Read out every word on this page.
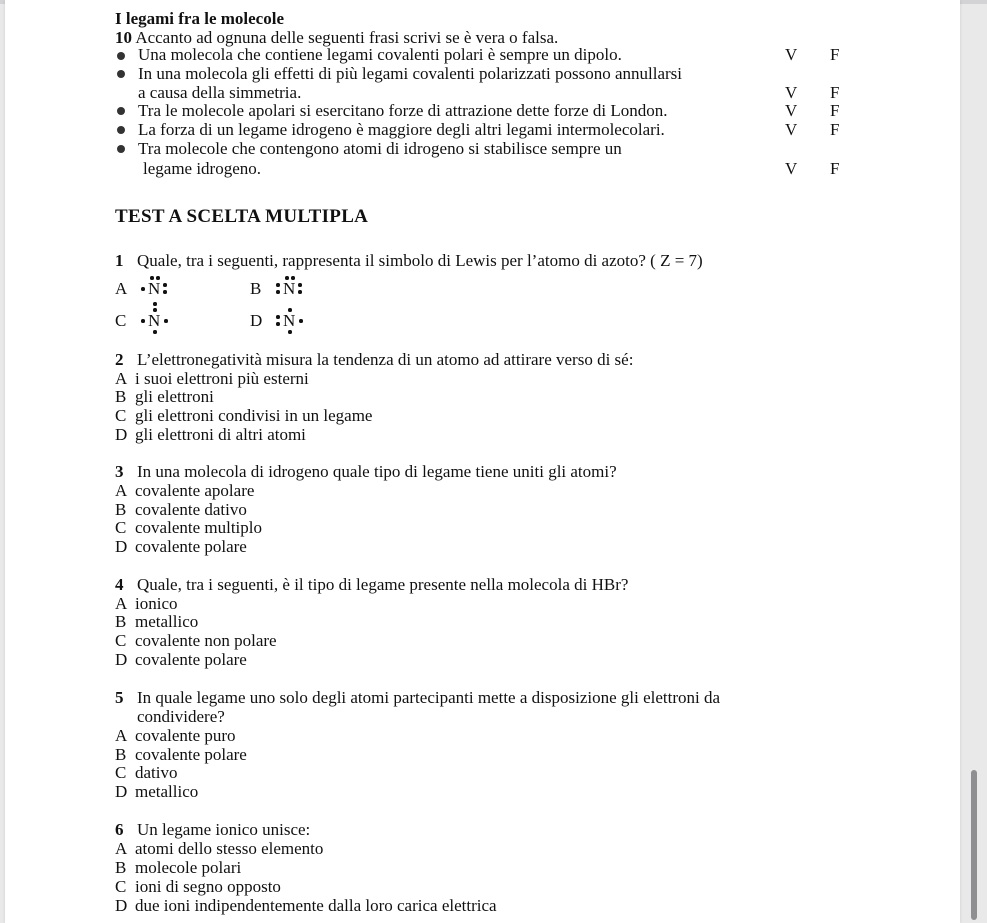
I legami fra le molecole
10 Accanto ad ognuna delle seguenti frasi scrivi se è vera o falsa.
Una molecola che contiene legami covalenti polari è sempre un dipolo.	V F
In una molecola gli effetti di più legami covalenti polarizzati possono annullarsi
a causa della simmetria.	V F
Tra le molecole apolari si esercitano forze di attrazione dette forze di London.	V F
La forza di un legame idrogeno è maggiore degli altri legami intermolecolari.	V F
Tra molecole che contengono atomi di idrogeno si stabilisce sempre un
legame idrogeno.	V F
TEST A SCELTA MULTIPLA
1 Quale, tra i seguenti, rappresenta il simbolo di Lewis per l’atomo di azoto? ( Z = 7)
A N	B N
C N	D N
2 L’elettronegatività misura la tendenza di un atomo ad attirare verso di sé:
A i suoi elettroni più esterni
B gli elettroni
C gli elettroni condivisi in un legame
D gli elettroni di altri atomi
3 In una molecola di idrogeno quale tipo di legame tiene uniti gli atomi?
A covalente apolare
B covalente dativo
C covalente multiplo
D covalente polare
4 Quale, tra i seguenti, è il tipo di legame presente nella molecola di HBr?
A ionico
B metallico
C covalente non polare
D covalente polare
5 In quale legame uno solo degli atomi partecipanti mette a disposizione gli elettroni da
condividere?
A covalente puro
B covalente polare
C dativo
D metallico
6 Un legame ionico unisce:
A atomi dello stesso elemento
B molecole polari
C ioni di segno opposto
D due ioni indipendentemente dalla loro carica elettrica
